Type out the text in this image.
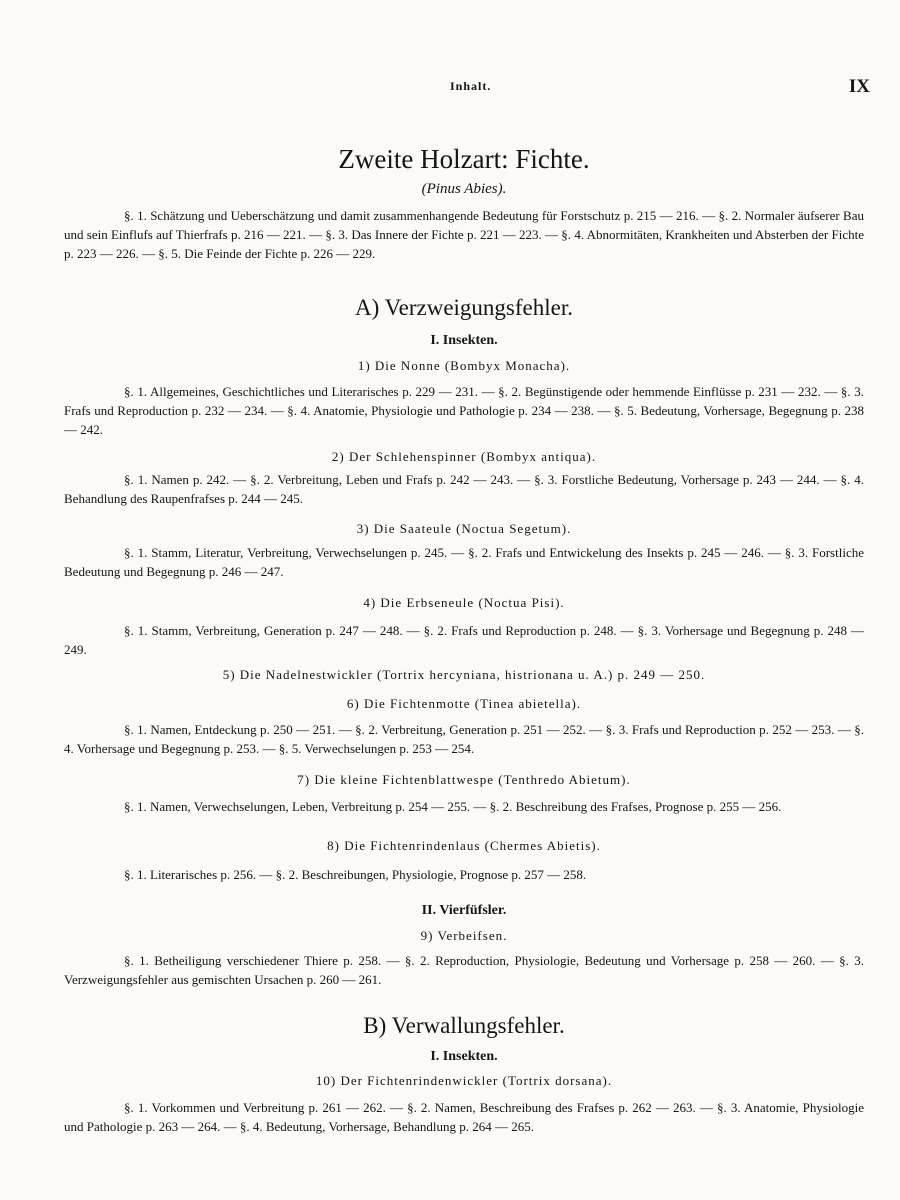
Inhalt.	IX
Zweite Holzart: Fichte.
(Pinus Abies).

§. 1. Schätzung und Ueberschätzung und damit zusammenhangende Bedeutung für Forstschutz p. 215 — 216. — §. 2. Normaler äufserer Bau und sein Einflufs auf Thierfrafs p. 216 — 221. — §. 3. Das Innere der Fichte p. 221 — 223. — §. 4. Abnormitäten, Krankheiten und Absterben der Fichte p. 223 — 226. — §. 5. Die Feinde der Fichte p. 226 — 229.

A) Verzweigungsfehler.
I. Insekten.
1) Die Nonne (Bombyx Monacha).

§. 1. Allgemeines, Geschichtliches und Literarisches p. 229 — 231. — §. 2. Begünstigende oder hemmende Einflüsse p. 231 — 232. — §. 3. Frafs und Reproduction p. 232 — 234. — §. 4. Anatomie, Physiologie und Pathologie p. 234 — 238. — §. 5. Bedeutung, Vorhersage, Begegnung p. 238 — 242.

2) Der Schlehenspinner (Bombyx antiqua).

§. 1. Namen p. 242. — §. 2. Verbreitung, Leben und Frafs p. 242 — 243. — §. 3. Forstliche Bedeutung, Vorhersage p. 243 — 244. — §. 4. Behandlung des Raupenfrafses p. 244 — 245.

3) Die Saateule (Noctua Segetum).

§. 1. Stamm, Literatur, Verbreitung, Verwechselungen p. 245. — §. 2. Frafs und Entwickelung des Insekts p. 245 — 246. — §. 3. Forstliche Bedeutung und Begegnung p. 246 — 247.

4) Die Erbseneule (Noctua Pisi).

§. 1. Stamm, Verbreitung, Generation p. 247 — 248. — §. 2. Frafs und Reproduction p. 248. — §. 3. Vorhersage und Begegnung p. 248 — 249.

5) Die Nadelnestwickler (Tortrix hercyniana, histrionana u. A.) p. 249 — 250.
6) Die Fichtenmotte (Tinea abietella).

§. 1. Namen, Entdeckung p. 250 — 251. — §. 2. Verbreitung, Generation p. 251 — 252. — §. 3. Frafs und Reproduction p. 252 — 253. — §. 4. Vorhersage und Begegnung p. 253. — §. 5. Verwechselungen p. 253 — 254.

7) Die kleine Fichtenblattwespe (Tenthredo Abietum).

§. 1. Namen, Verwechselungen, Leben, Verbreitung p. 254 — 255. — §. 2. Beschreibung des Frafses, Prognose p. 255 — 256.

8) Die Fichtenrindenlaus (Chermes Abietis).

§. 1. Literarisches p. 256. — §. 2. Beschreibungen, Physiologie, Prognose p. 257 — 258.

II. Vierfüfsler.
9) Verbeifsen.

§. 1. Betheiligung verschiedener Thiere p. 258. — §. 2. Reproduction, Physiologie, Bedeutung und Vorhersage p. 258 — 260. — §. 3. Verzweigungsfehler aus gemischten Ursachen p. 260 — 261.

B) Verwallungsfehler.
I. Insekten.
10) Der Fichtenrindenwickler (Tortrix dorsana).

§. 1. Vorkommen und Verbreitung p. 261 — 262. — §. 2. Namen, Beschreibung des Frafses p. 262 — 263. — §. 3. Anatomie, Physiologie und Pathologie p. 263 — 264. — §. 4. Bedeutung, Vorhersage, Behandlung p. 264 — 265.
